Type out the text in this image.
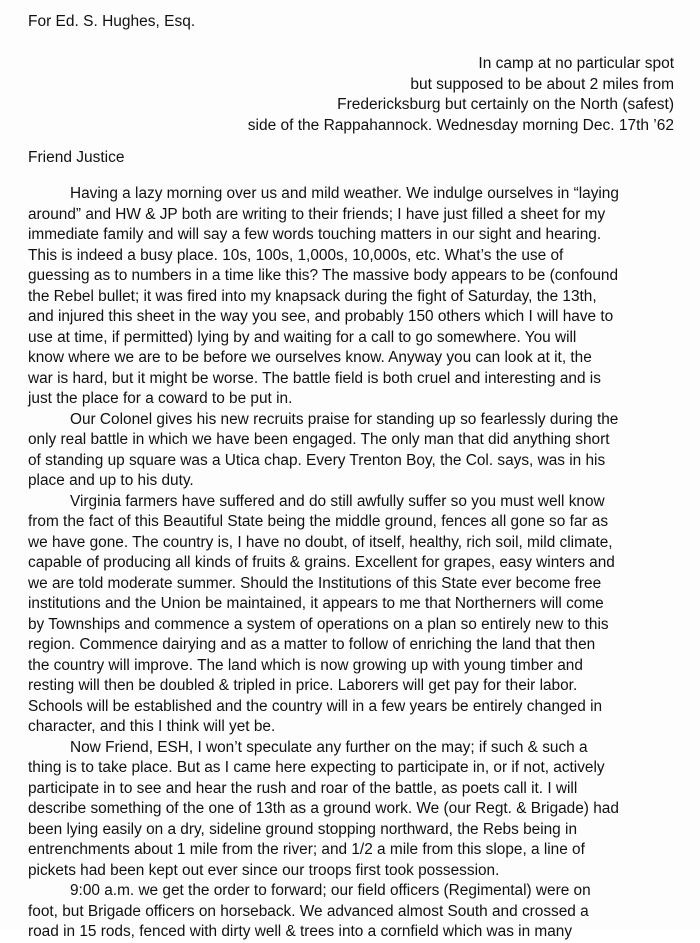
For Ed. S. Hughes, Esq.
In camp at no particular spot
but supposed to be about 2 miles from
Fredericksburg but certainly on the North (safest)
side of the Rappahannock. Wednesday morning Dec. 17th ’62
Friend Justice
Having a lazy morning over us and mild weather. We indulge ourselves in “laying
around” and HW & JP both are writing to their friends; I have just filled a sheet for my
immediate family and will say a few words touching matters in our sight and hearing.
This is indeed a busy place. 10s, 100s, 1,000s, 10,000s, etc. What’s the use of
guessing as to numbers in a time like this? The massive body appears to be (confound
the Rebel bullet; it was fired into my knapsack during the fight of Saturday, the 13th,
and injured this sheet in the way you see, and probably 150 others which I will have to
use at time, if permitted) lying by and waiting for a call to go somewhere. You will
know where we are to be before we ourselves know. Anyway you can look at it, the
war is hard, but it might be worse. The battle field is both cruel and interesting and is
just the place for a coward to be put in.
Our Colonel gives his new recruits praise for standing up so fearlessly during the
only real battle in which we have been engaged. The only man that did anything short
of standing up square was a Utica chap. Every Trenton Boy, the Col. says, was in his
place and up to his duty.
Virginia farmers have suffered and do still awfully suffer so you must well know
from the fact of this Beautiful State being the middle ground, fences all gone so far as
we have gone. The country is, I have no doubt, of itself, healthy, rich soil, mild climate,
capable of producing all kinds of fruits & grains. Excellent for grapes, easy winters and
we are told moderate summer. Should the Institutions of this State ever become free
institutions and the Union be maintained, it appears to me that Northerners will come
by Townships and commence a system of operations on a plan so entirely new to this
region. Commence dairying and as a matter to follow of enriching the land that then
the country will improve. The land which is now growing up with young timber and
resting will then be doubled & tripled in price. Laborers will get pay for their labor.
Schools will be established and the country will in a few years be entirely changed in
character, and this I think will yet be.
Now Friend, ESH, I won’t speculate any further on the may; if such & such a
thing is to take place. But as I came here expecting to participate in, or if not, actively
participate in to see and hear the rush and roar of the battle, as poets call it. I will
describe something of the one of 13th as a ground work. We (our Regt. & Brigade) had
been lying easily on a dry, sideline ground stopping northward, the Rebs being in
entrenchments about 1 mile from the river; and 1/2 a mile from this slope, a line of
pickets had been kept out ever since our troops first took possession.
9:00 a.m. we get the order to forward; our field officers (Regimental) were on
foot, but Brigade officers on horseback. We advanced almost South and crossed a
road in 15 rods, fenced with dirty well & trees into a cornfield which was in many
